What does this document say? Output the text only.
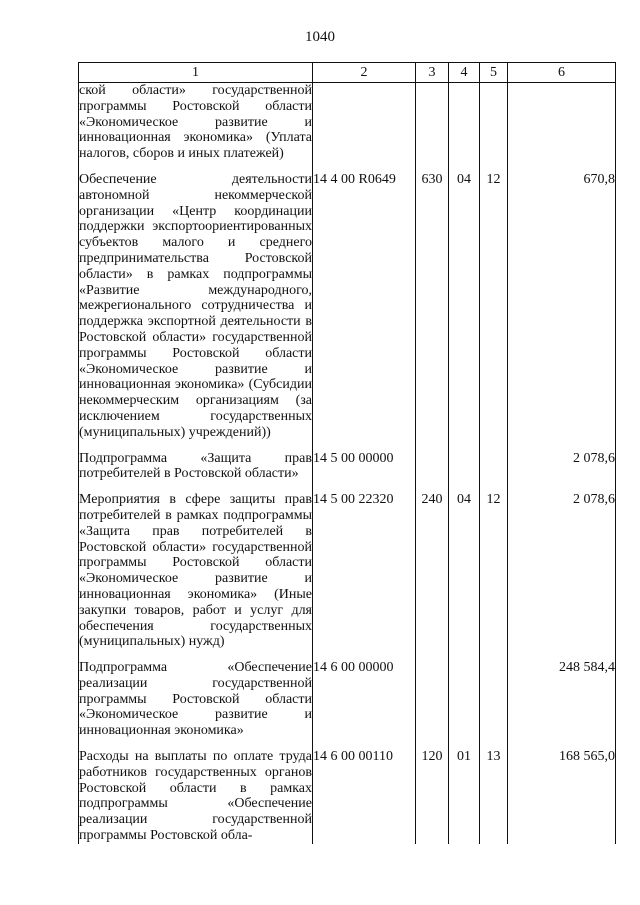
1040
1	2	3	4	5	6
ской области» государственной программы Ростовской области «Экономическое развитие и инновационная экономика» (Уплата налогов, сборов и иных платежей)					

Обеспечение деятельности автономной некоммерческой организации «Центр координации поддержки экспортоориентированных субъектов малого и среднего предпринимательства Ростовской области» в рамках подпрограммы «Развитие международного, межрегионального сотрудничества и поддержка экспортной деятельности в Ростовской области» государственной программы Ростовской области «Экономическое развитие и инновационная экономика» (Субсидии некоммерческим организациям (за исключением государственных (муниципальных) учреждений))	14 4 00 R0649	630	04	12	670,8

Подпрограмма «Защита прав потребителей в Ростовской области»	14 5 00 00000				2 078,6

Мероприятия в сфере защиты прав потребителей в рамках подпрограммы «Защита прав потребителей в Ростовской области» государственной программы Ростовской области «Экономическое развитие и инновационная экономика» (Иные закупки товаров, работ и услуг для обеспечения государственных (муниципальных) нужд)	14 5 00 22320	240	04	12	2 078,6

Подпрограмма «Обеспечение реализации государственной программы Ростовской области «Экономическое развитие и инновационная экономика»	14 6 00 00000				248 584,4

Расходы на выплаты по оплате труда работников государственных органов Ростовской области в рамках подпрограммы «Обеспечение реализации государственной программы Ростовской обла-	14 6 00 00110	120	01	13	168 565,0
